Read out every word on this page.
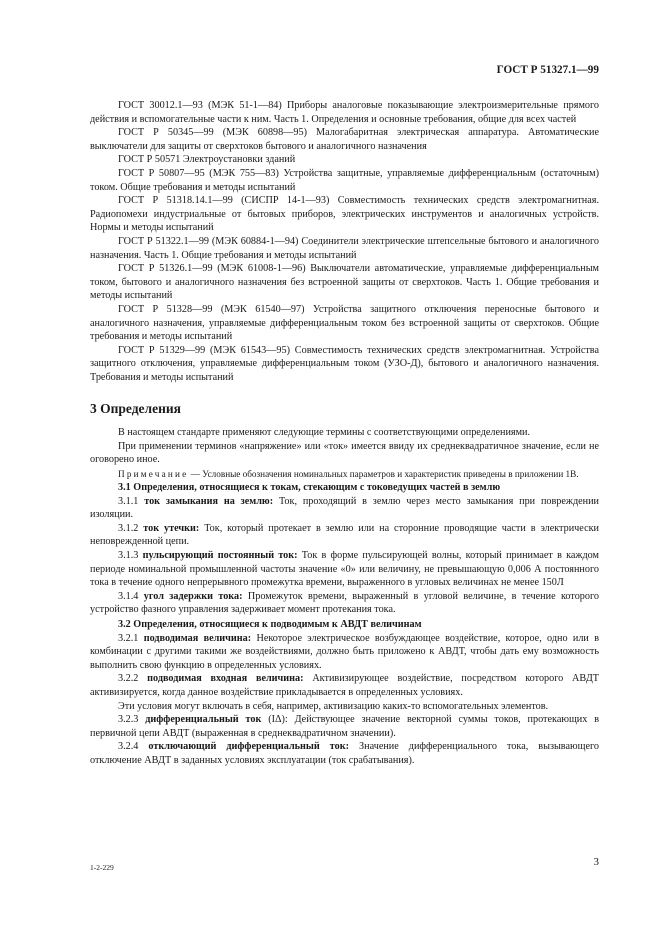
ГОСТ Р 51327.1—99

ГОСТ 30012.1—93 (МЭК 51-1—84) Приборы аналоговые показывающие электроизмерительные прямого действия и вспомогательные части к ним. Часть 1. Определения и основные требования, общие для всех частей

ГОСТ Р 50345—99 (МЭК 60898—95) Малогабаритная электрическая аппаратура. Автоматические выключатели для защиты от сверхтоков бытового и аналогичного назначения

ГОСТ Р 50571 Электроустановки зданий

ГОСТ Р 50807—95 (МЭК 755—83) Устройства защитные, управляемые дифференциальным (остаточным) током. Общие требования и методы испытаний

ГОСТ Р 51318.14.1—99 (СИСПР 14-1—93) Совместимость технических средств электромагнитная. Радиопомехи индустриальные от бытовых приборов, электрических инструментов и аналогичных устройств. Нормы и методы испытаний

ГОСТ Р 51322.1—99 (МЭК 60884-1—94) Соединители электрические штепсельные бытового и аналогичного назначения. Часть 1. Общие требования и методы испытаний

ГОСТ Р 51326.1—99 (МЭК 61008-1—96) Выключатели автоматические, управляемые дифференциальным током, бытового и аналогичного назначения без встроенной защиты от сверхтоков. Часть 1. Общие требования и методы испытаний

ГОСТ Р 51328—99 (МЭК 61540—97) Устройства защитного отключения переносные бытового и аналогичного назначения, управляемые дифференциальным током без встроенной защиты от сверхтоков. Общие требования и методы испытаний

ГОСТ Р 51329—99 (МЭК 61543—95) Совместимость технических средств электромагнитная. Устройства защитного отключения, управляемые дифференциальным током (УЗО-Д), бытового и аналогичного назначения. Требования и методы испытаний

3 Определения

В настоящем стандарте применяют следующие термины с соответствующими определениями.

При применении терминов «напряжение» или «ток» имеется ввиду их среднеквадратичное значение, если не оговорено иное.

Примечание — Условные обозначения номинальных параметров и характеристик приведены в приложении 1В.

3.1 Определения, относящиеся к токам, стекающим с токоведущих частей в землю

3.1.1 ток замыкания на землю: Ток, проходящий в землю через место замыкания при повреждении изоляции.

3.1.2 ток утечки: Ток, который протекает в землю или на сторонние проводящие части в электрически неповрежденной цепи.

3.1.3 пульсирующий постоянный ток: Ток в форме пульсирующей волны, который принимает в каждом периоде номинальной промышленной частоты значение «0» или величину, не превышающую 0,006 А постоянного тока в течение одного непрерывного промежутка времени, выраженного в угловых величинах не менее 150Л

3.1.4 угол задержки тока: Промежуток времени, выраженный в угловой величине, в течение которого устройство фазного управления задерживает момент протекания тока.

3.2 Определения, относящиеся к подводимым к АВДТ величинам

3.2.1 подводимая величина: Некоторое электрическое возбуждающее воздействие, которое, одно или в комбинации с другими такими же воздействиями, должно быть приложено к АВДТ, чтобы дать ему возможность выполнить свою функцию в определенных условиях.

3.2.2 подводимая входная величина: Активизирующее воздействие, посредством которого АВДТ активизируется, когда данное воздействие прикладывается в определенных условиях.

Эти условия могут включать в себя, например, активизацию каких-то вспомогательных элементов.

3.2.3 дифференциальный ток (IΔ): Действующее значение векторной суммы токов, протекающих в первичной цепи АВДТ (выраженная в среднеквадратичном значении).

3.2.4 отключающий дифференциальный ток: Значение дифференциального тока, вызывающего отключение АВДТ в заданных условиях эксплуатации (ток срабатывания).

1-2-229	3
